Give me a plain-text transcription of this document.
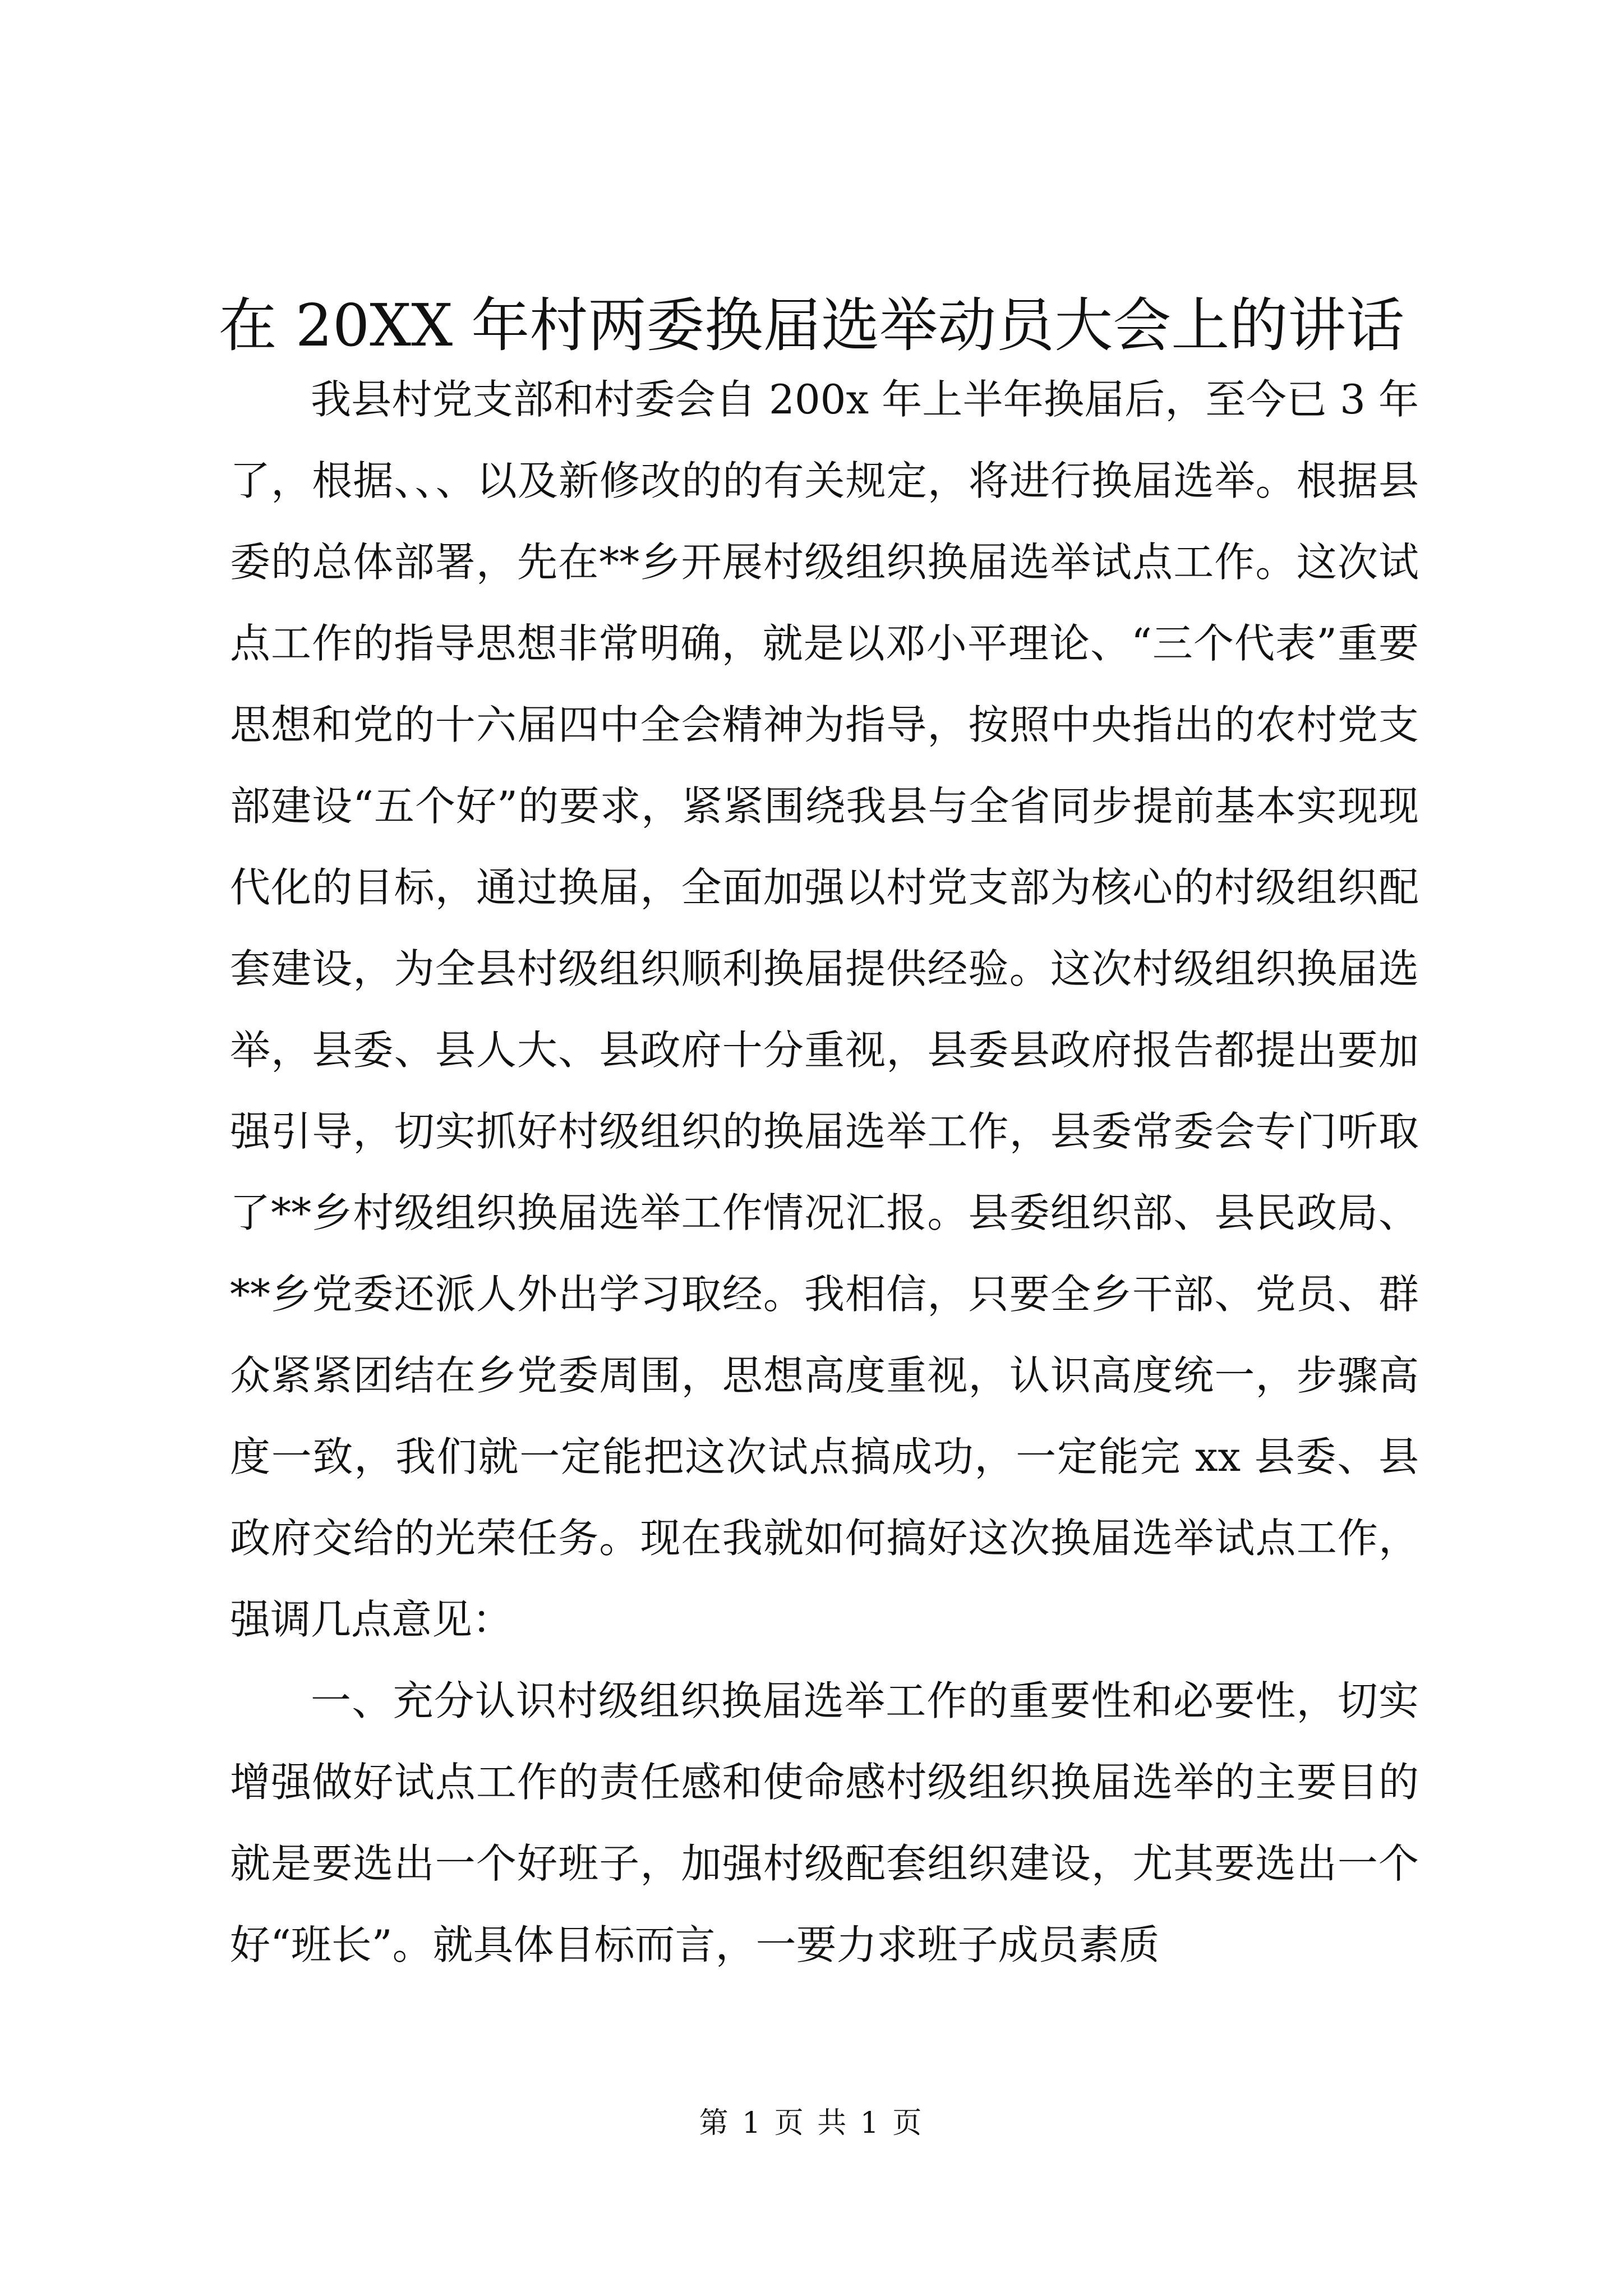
在 20XX 年村两委换届选举动员大会上的讲话

我县村党支部和村委会自 200x 年上半年换届后，至今已 3 年了，根据、、、以及新修改的的有关规定，将进行换届选举。根据县委的总体部署，先在**乡开展村级组织换届选举试点工作。这次试点工作的指导思想非常明确，就是以邓小平理论、“三个代表”重要思想和党的十六届四中全会精神为指导，按照中央指出的农村党支部建设“五个好”的要求，紧紧围绕我县与全省同步提前基本实现现代化的目标，通过换届，全面加强以村党支部为核心的村级组织配套建设，为全县村级组织顺利换届提供经验。这次村级组织换届选举，县委、县人大、县政府十分重视，县委县政府报告都提出要加强引导，切实抓好村级组织的换届选举工作，县委常委会专门听取了**乡村级组织换届选举工作情况汇报。县委组织部、县民政局、**乡党委还派人外出学习取经。我相信，只要全乡干部、党员、群众紧紧团结在乡党委周围，思想高度重视，认识高度统一，步骤高度一致，我们就一定能把这次试点搞成功，一定能完 xx 县委、县政府交给的光荣任务。现在我就如何搞好这次换届选举试点工作，强调几点意见：

一、充分认识村级组织换届选举工作的重要性和必要性，切实增强做好试点工作的责任感和使命感村级组织换届选举的主要目的就是要选出一个好班子，加强村级配套组织建设，尤其要选出一个好“班长”。就具体目标而言，一要力求班子成员素质

第 1 页 共 1 页
